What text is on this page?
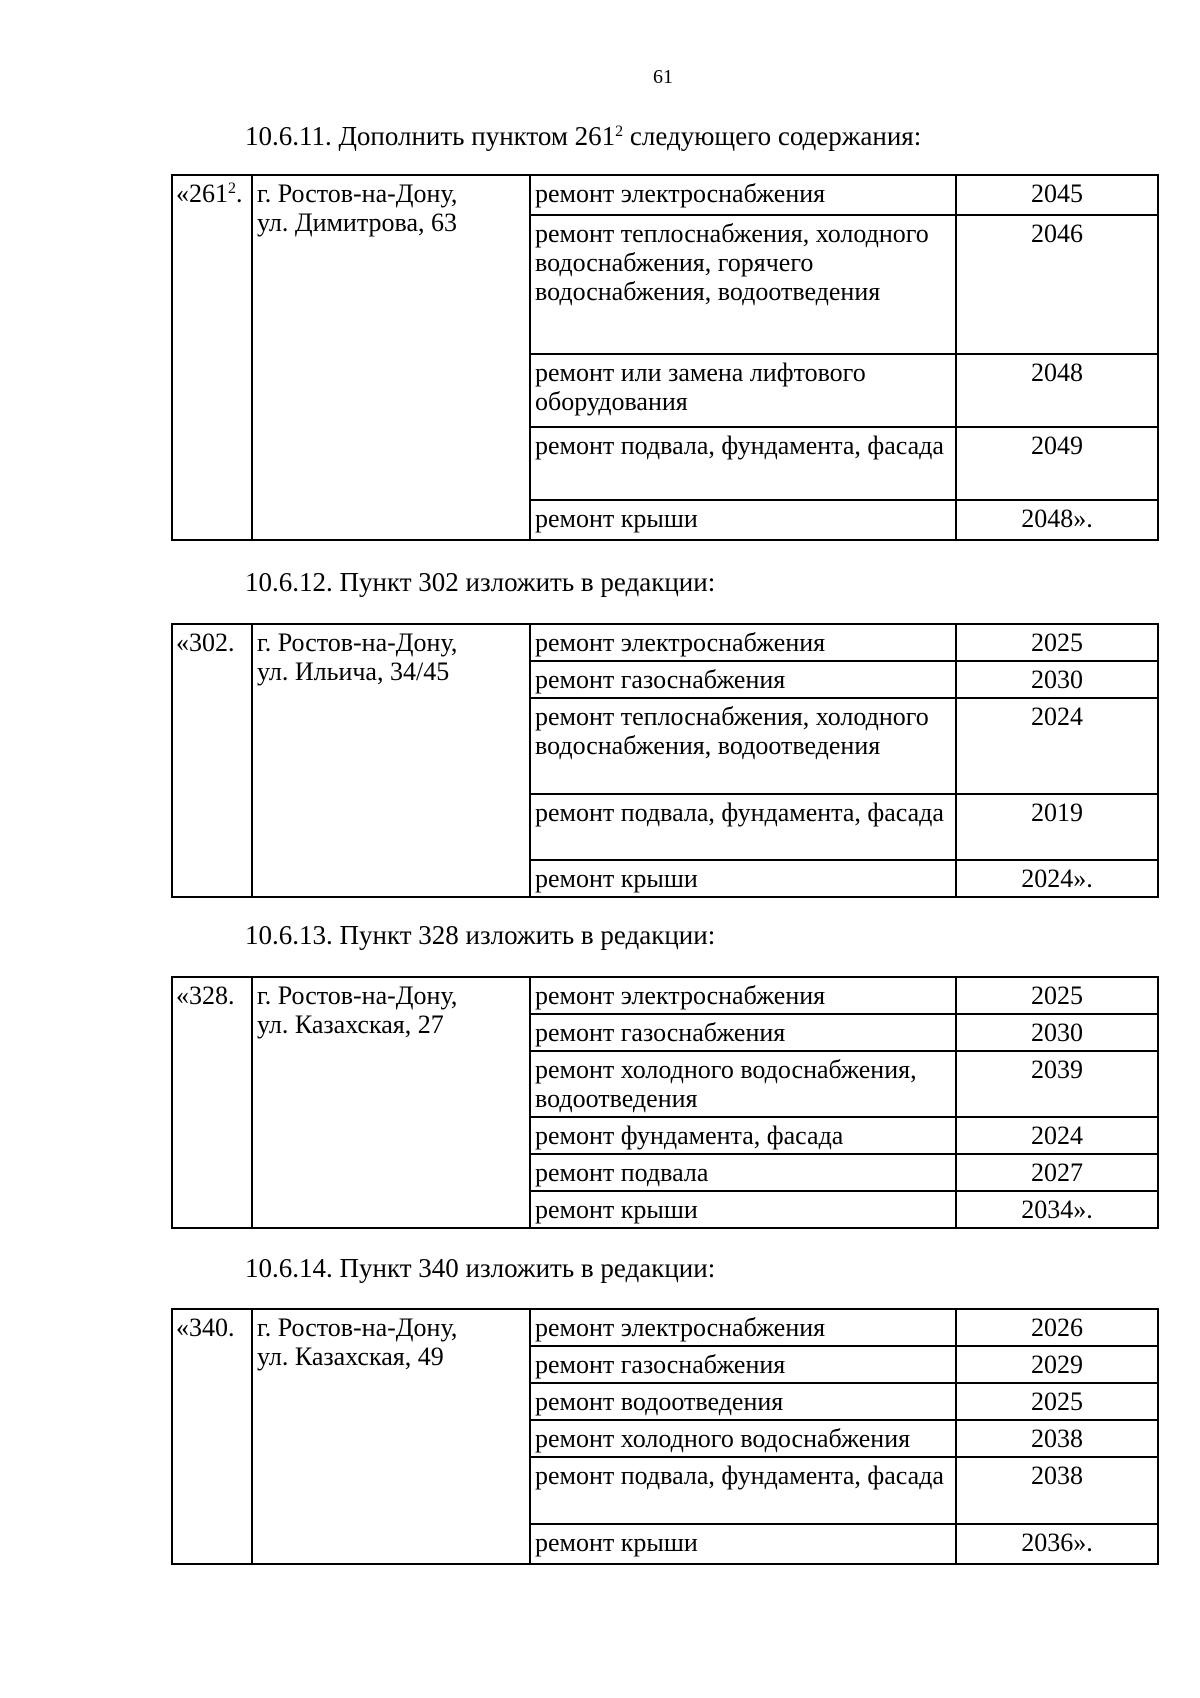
61
10.6.11. Дополнить пунктом $261^2$ следующего содержания:
«$261^2$.	г. Ростов-на-Дону,
ул. Димитрова, 63	ремонт электроснабжения	2045
		ремонт теплоснабжения, холодного водоснабжения, горячего водоснабжения, водоотведения	2046
		ремонт или замена лифтового оборудования	2048
		ремонт подвала, фундамента, фасада	2049
		ремонт крыши	2048».
10.6.12. Пункт 302 изложить в редакции:
«302.	г. Ростов-на-Дону,
ул. Ильича, 34/45	ремонт электроснабжения	2025
		ремонт газоснабжения	2030
		ремонт теплоснабжения, холодного водоснабжения, водоотведения	2024
		ремонт подвала, фундамента, фасада	2019
		ремонт крыши	2024».
10.6.13. Пункт 328 изложить в редакции:
«328.	г. Ростов-на-Дону,
ул. Казахская, 27	ремонт электроснабжения	2025
		ремонт газоснабжения	2030
		ремонт холодного водоснабжения, водоотведения	2039
		ремонт фундамента, фасада	2024
		ремонт подвала	2027
		ремонт крыши	2034».
10.6.14. Пункт 340 изложить в редакции:
«340.	г. Ростов-на-Дону,
ул. Казахская, 49	ремонт электроснабжения	2026
		ремонт газоснабжения	2029
		ремонт водоотведения	2025
		ремонт холодного водоснабжения	2038
		ремонт подвала, фундамента, фасада	2038
		ремонт крыши	2036».
